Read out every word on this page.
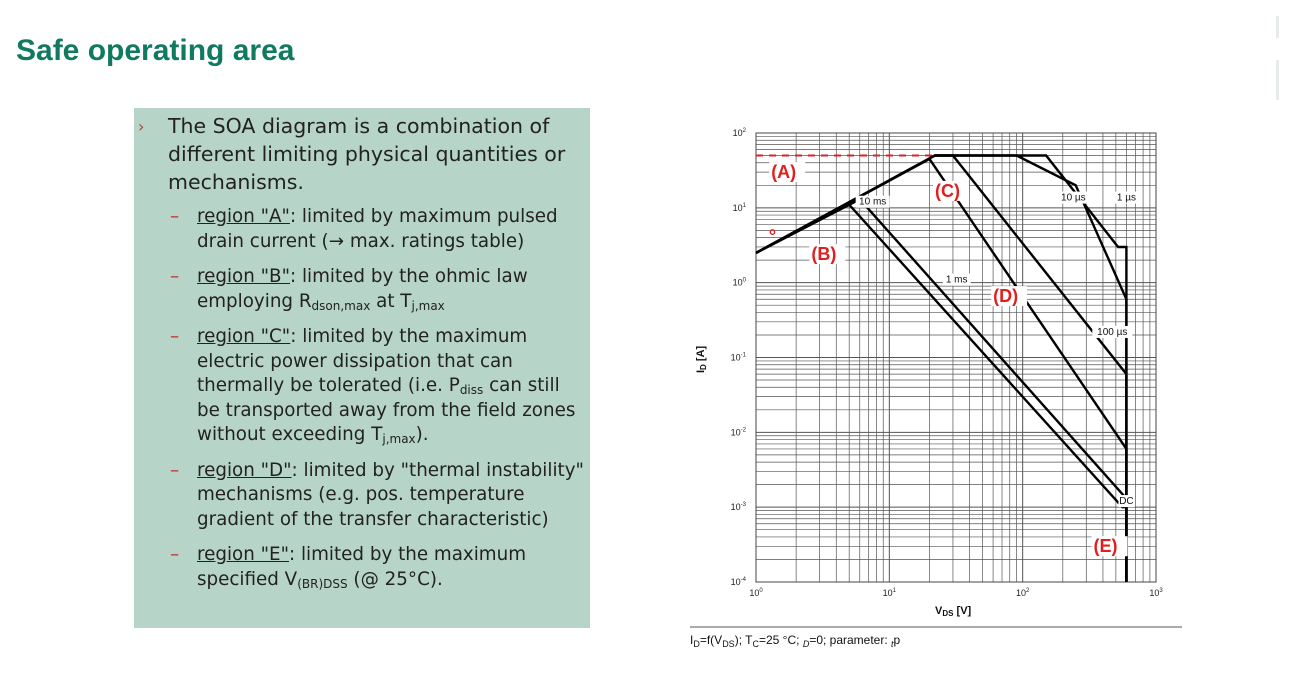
Safe operating area
› The SOA diagram is a combination of different limiting physical quantities or mechanisms.
– region "A": limited by maximum pulsed drain current (→ max. ratings table)
– region "B": limited by the ohmic law employing $R_{dson,max}$ at $T_{j,max}$
– region "C": limited by the maximum electric power dissipation that can thermally be tolerated (i.e. $P_{diss}$ can still be transported away from the field zones without exceeding $T_{j,max}$).
– region "D": limited by "thermal instability" mechanisms (e.g. pos. temperature gradient of the transfer characteristic)
– region "E": limited by the maximum specified $V_{(BR)DSS}$ (@ 25°C).
$10^0$	$10^1$	$10^2$	$10^3$
$10^2$
$10^1$
$10^0$
$10^{-1}$
$10^{-2}$
$10^{-3}$
$10^{-4}$
10 ms
1 ms
10 µs	1 µs
100 µs
DC
(A)
(B)
(C)
(D)
(E)
°
VDS [V]
ID [A]
$I_D=f(V_{DS})$; $T_C=25$ °C; $_D$=0; parameter: $_t$p
